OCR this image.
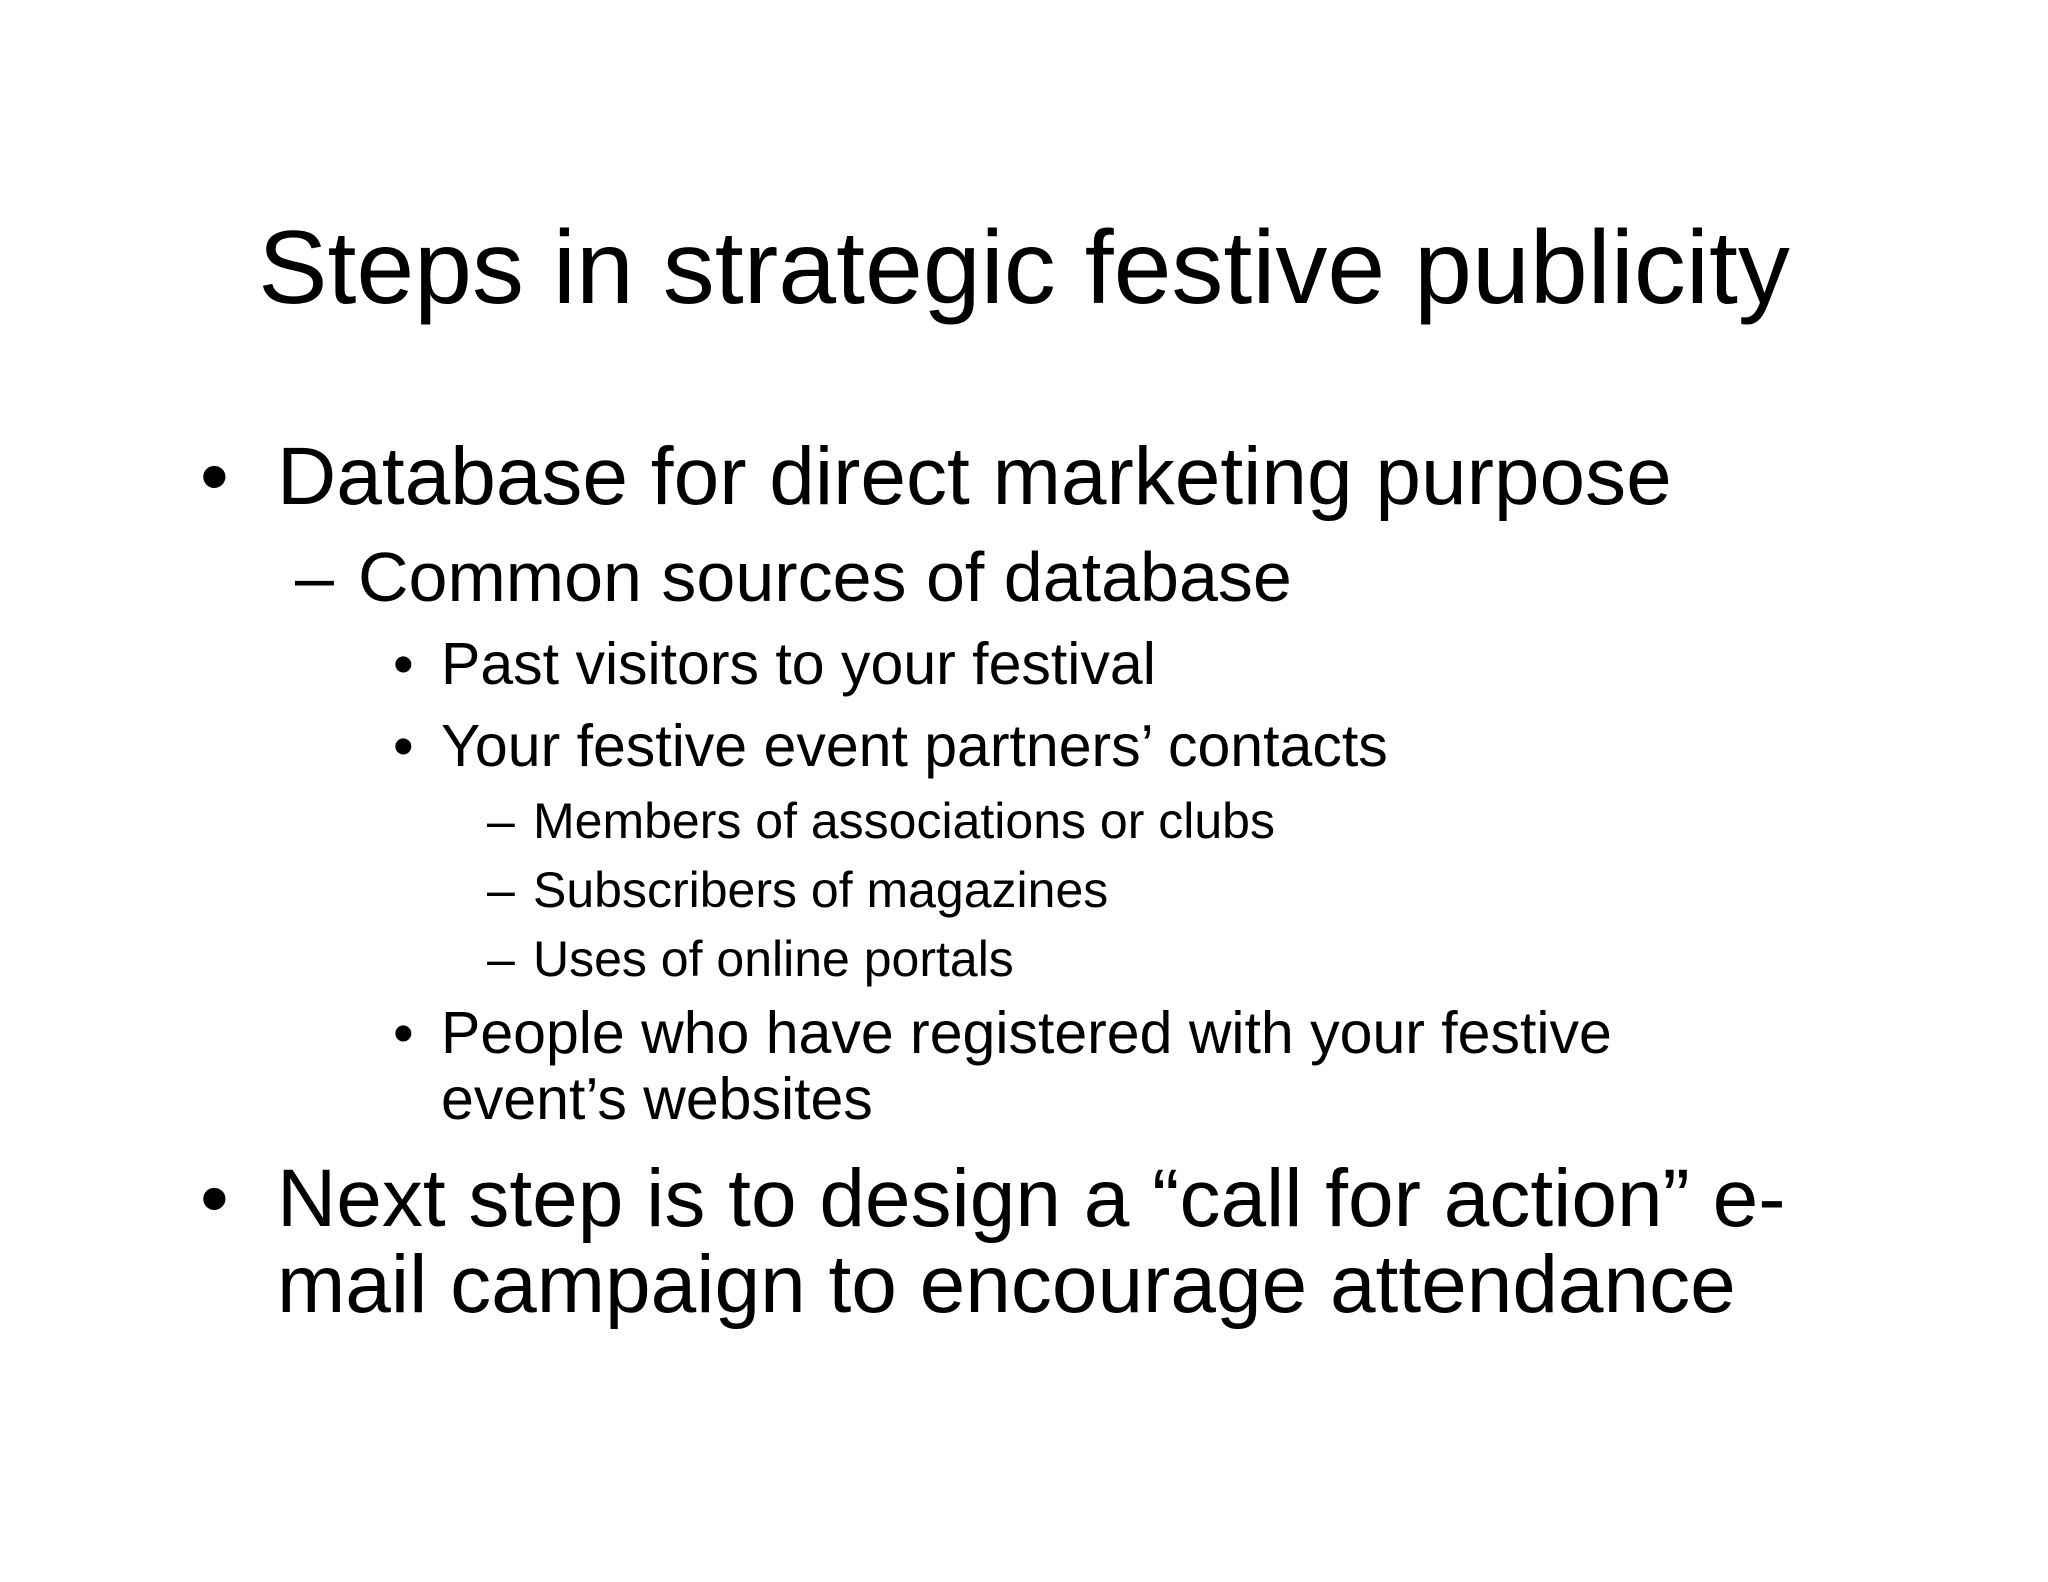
Steps in strategic festive publicity
• Database for direct marketing purpose
– Common sources of database
• Past visitors to your festival
• Your festive event partners’ contacts
– Members of associations or clubs
– Subscribers of magazines
– Uses of online portals
• People who have registered with your festive
event’s websites
• Next step is to design a “call for action” e-
mail campaign to encourage attendance
